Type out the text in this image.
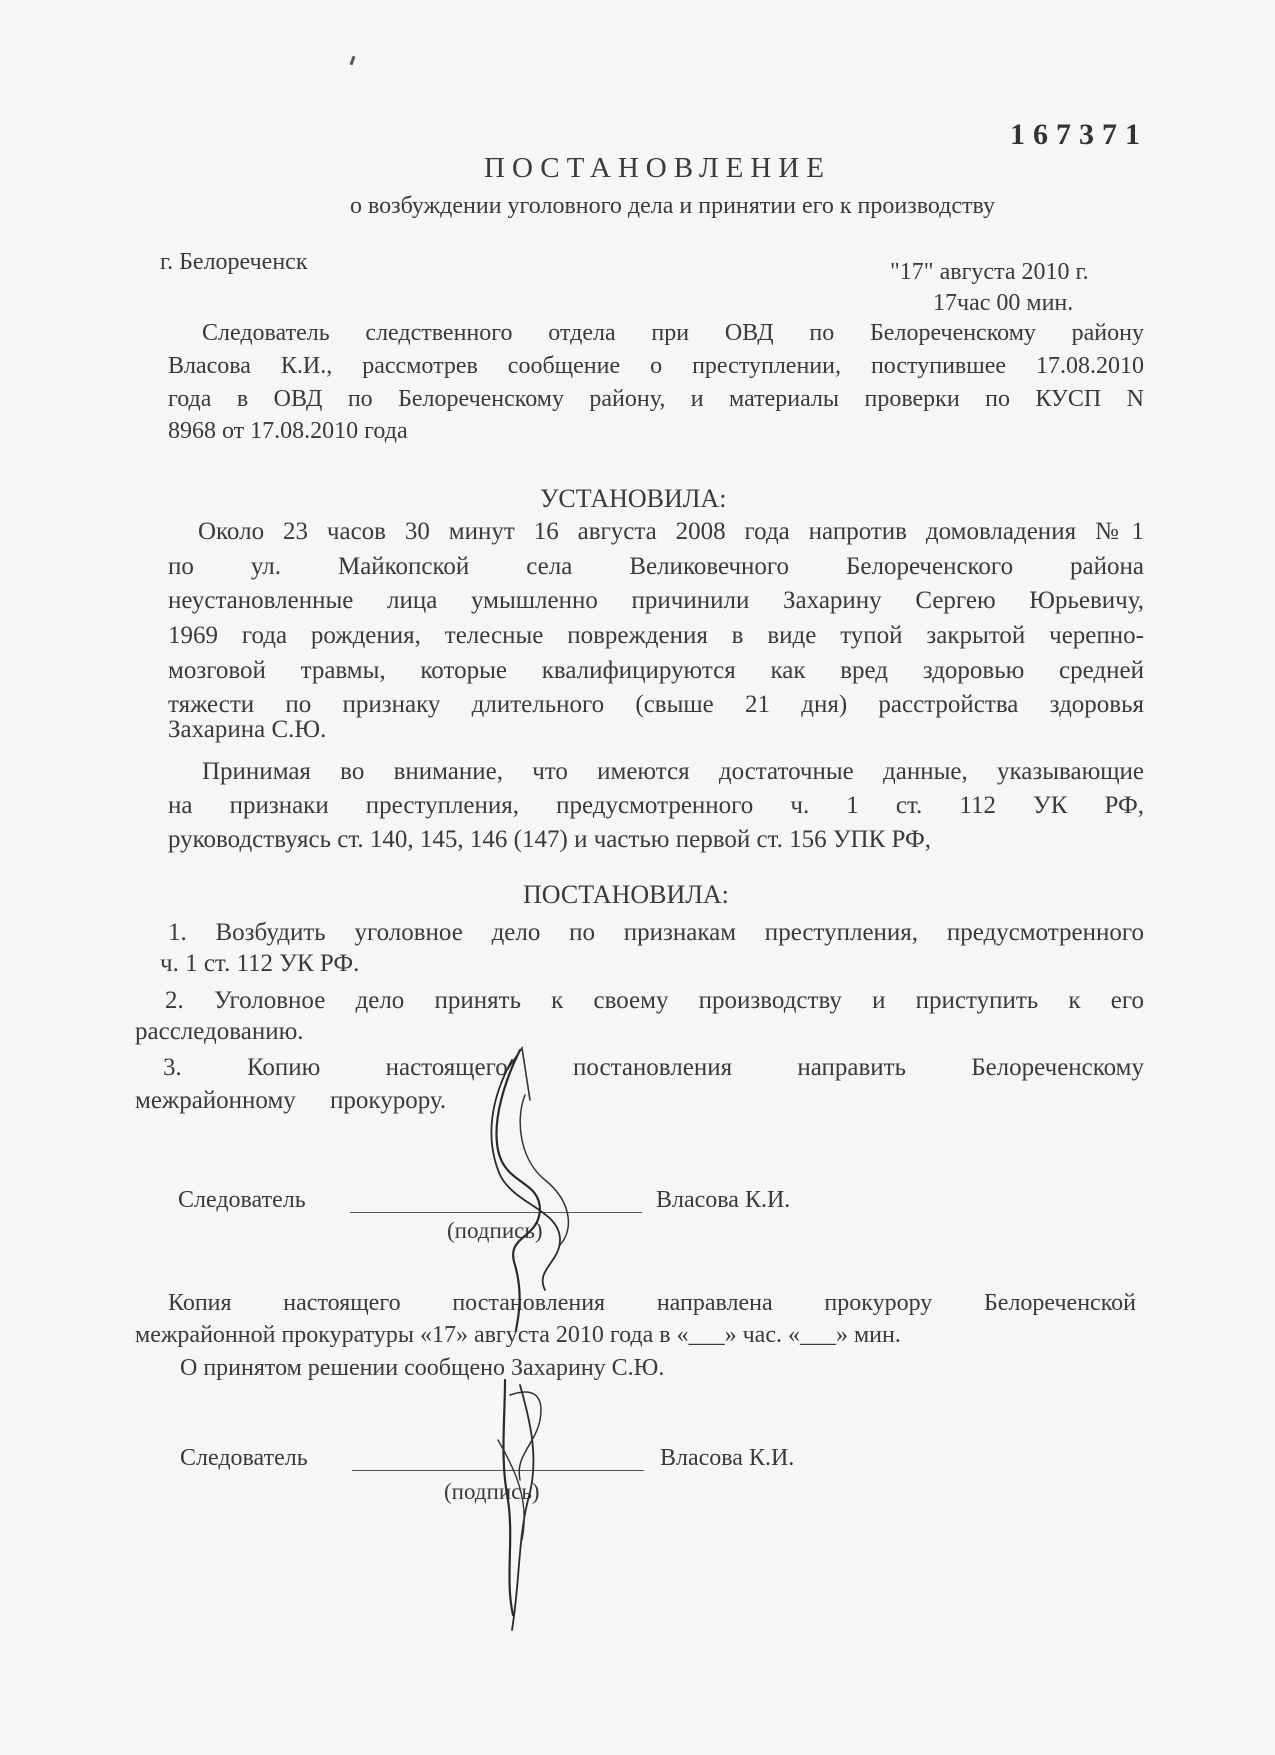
167371
ПОСТАНОВЛЕНИЕ
о возбуждении уголовного дела и принятии его к производству
г. Белореченск	"17" августа 2010 г.
17час 00 мин.
Следователь следственного отдела при ОВД по Белореченскому району
Власова К.И., рассмотрев сообщение о преступлении, поступившее 17.08.2010
года в ОВД по Белореченскому району, и материалы проверки по КУСП N
8968 от 17.08.2010 года
УСТАНОВИЛА:
Около 23 часов 30 минут 16 августа 2008 года напротив домовладения №1
по ул. Майкопской села Великовечного Белореченского района
неустановленные лица умышленно причинили Захарину Сергею Юрьевичу,
1969 года рождения, телесные повреждения в виде тупой закрытой черепно-
мозговой травмы, которые квалифицируются как вред здоровью средней
тяжести по признаку длительного (свыше 21 дня) расстройства здоровья
Захарина С.Ю.
Принимая во внимание, что имеются достаточные данные, указывающие
на признаки преступления, предусмотренного ч. 1 ст. 112 УК РФ,
руководствуясь ст. 140, 145, 146 (147) и частью первой ст. 156 УПК РФ,
ПОСТАНОВИЛА:
1. Возбудить уголовное дело по признакам преступления, предусмотренного
ч. 1 ст. 112 УК РФ.
2. Уголовное дело принять к своему производству и приступить к его
расследованию.
3. Копию настоящего постановления направить Белореченскому
межрайонному прокурору.
Следователь	Власова К.И.
(подпись)
Копия настоящего постановления направлена прокурору Белореченской
межрайонной прокуратуры «17» августа 2010 года в «___» час. «___» мин.
О принятом решении сообщено Захарину С.Ю.
Следователь	Власова К.И.
(подпись)
